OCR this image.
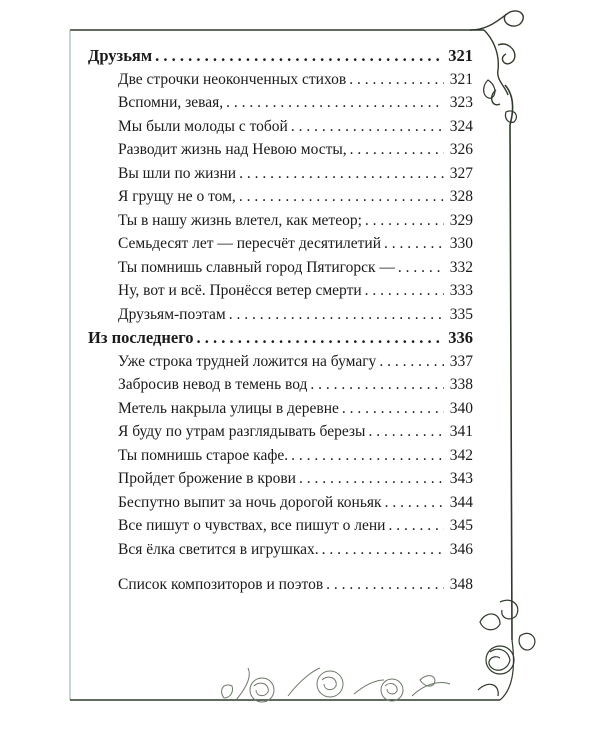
Друзьям . . .	321
Две строчки неоконченных стихов . . .	321
Вспомни, зевая, . . .	323
Мы были молоды с тобой . . .	324
Разводит жизнь над Невою мосты, . . .	326
Вы шли по жизни . . .	327
Я грущу не о том, . . .	328
Ты в нашу жизнь влетел, как метеор; . . .	329
Семьдесят лет — пересчёт десятилетий . . .	330
Ты помнишь славный город Пятигорск — . . .	332
Ну, вот и всё. Пронёсся ветер смерти . . .	333
Друзьям-поэтам . . .	335
Из последнего . . .	336
Уже строка трудней ложится на бумагу . . .	337
Забросив невод в темень вод . . .	338
Метель накрыла улицы в деревне . . .	340
Я буду по утрам разглядывать березы . . .	341
Ты помнишь старое кафе. . . .	342
Пройдет брожение в крови . . .	343
Беспутно выпит за ночь дорогой коньяк . . .	344
Все пишут о чувствах, все пишут о лени . . .	345
Вся ёлка светится в игрушках. . . .	346
Список композиторов и поэтов . . .	348
